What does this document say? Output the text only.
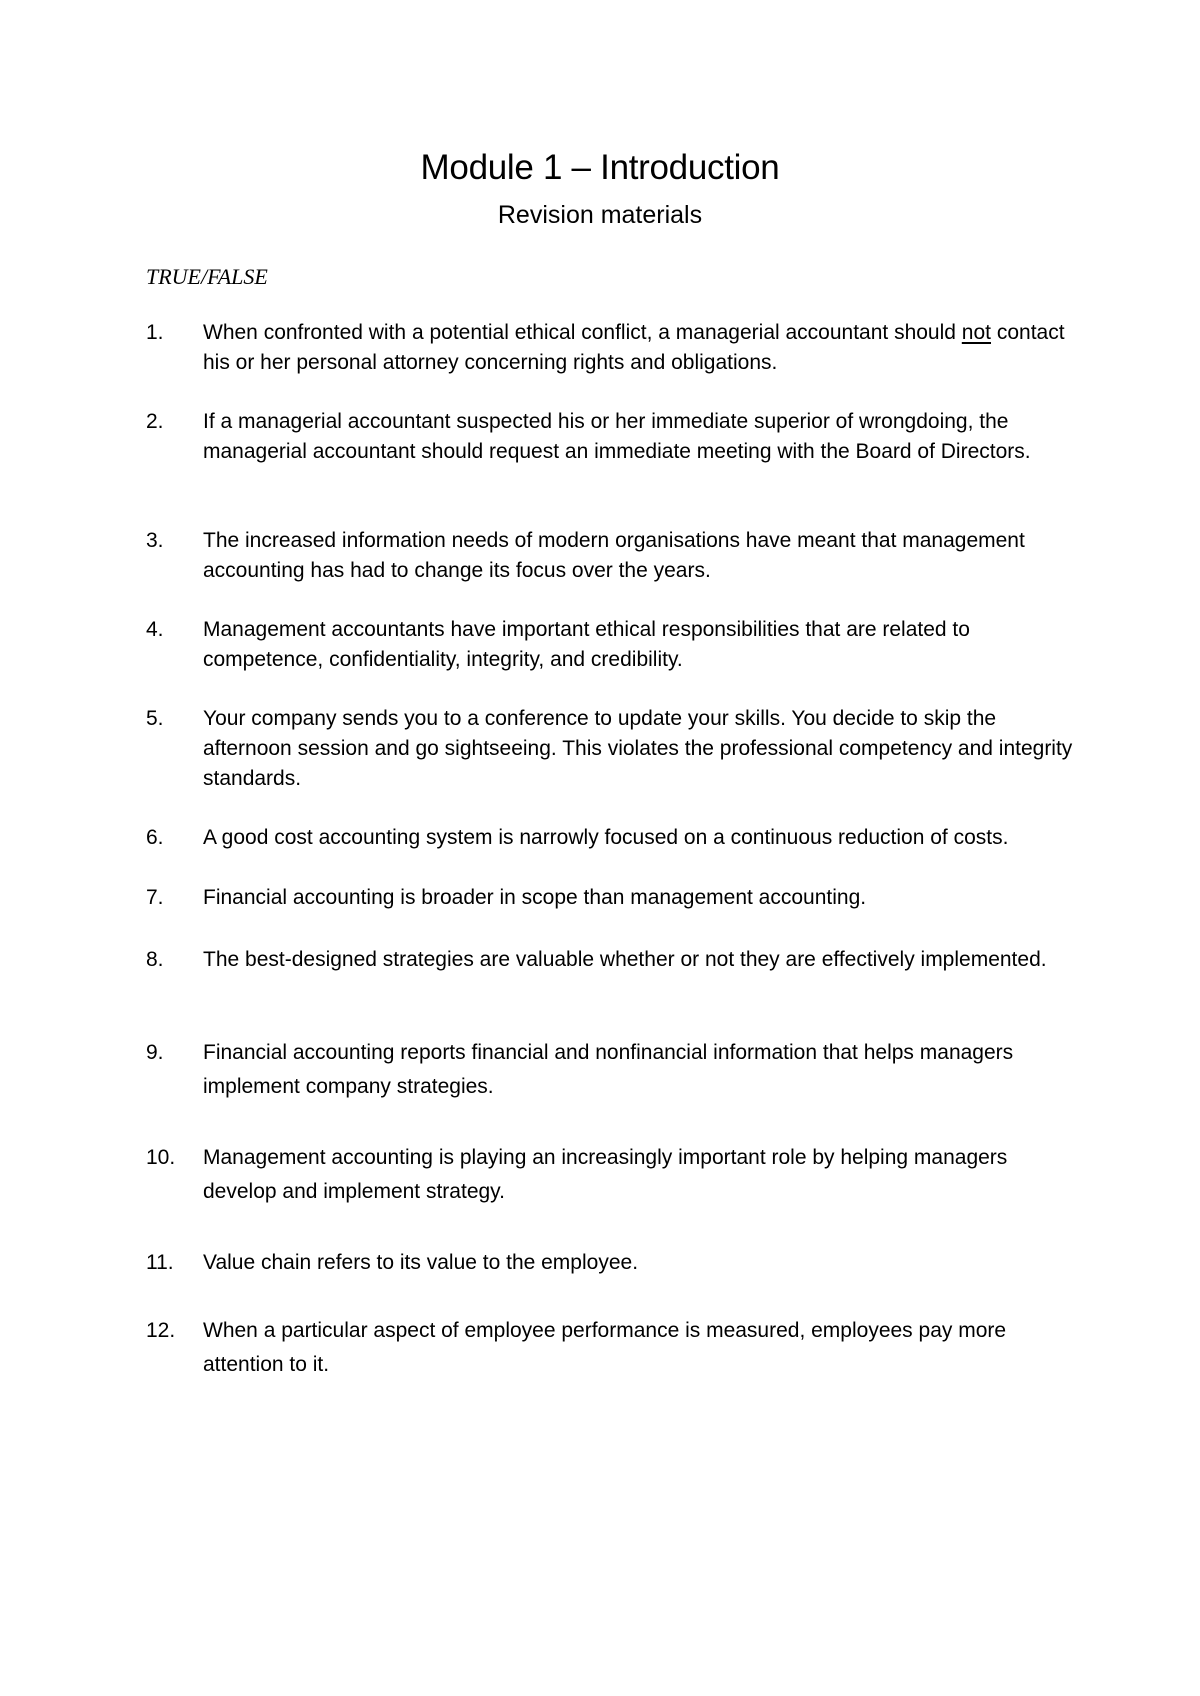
Module 1 – Introduction
Revision materials
TRUE/FALSE
1.	When confronted with a potential ethical conflict, a managerial accountant should not contact his or her personal attorney concerning rights and obligations.
2.	If a managerial accountant suspected his or her immediate superior of wrongdoing, the managerial accountant should request an immediate meeting with the Board of Directors.
3.	The increased information needs of modern organisations have meant that management accounting has had to change its focus over the years.
4.	Management accountants have important ethical responsibilities that are related to competence, confidentiality, integrity, and credibility.
5.	Your company sends you to a conference to update your skills. You decide to skip the afternoon session and go sightseeing. This violates the professional competency and integrity standards.
6.	A good cost accounting system is narrowly focused on a continuous reduction of costs.
7.	Financial accounting is broader in scope than management accounting.
8.	The best-designed strategies are valuable whether or not they are effectively implemented.
9.	Financial accounting reports financial and nonfinancial information that helps managers implement company strategies.
10.	Management accounting is playing an increasingly important role by helping managers develop and implement strategy.
11.	Value chain refers to its value to the employee.
12.	When a particular aspect of employee performance is measured, employees pay more attention to it.
